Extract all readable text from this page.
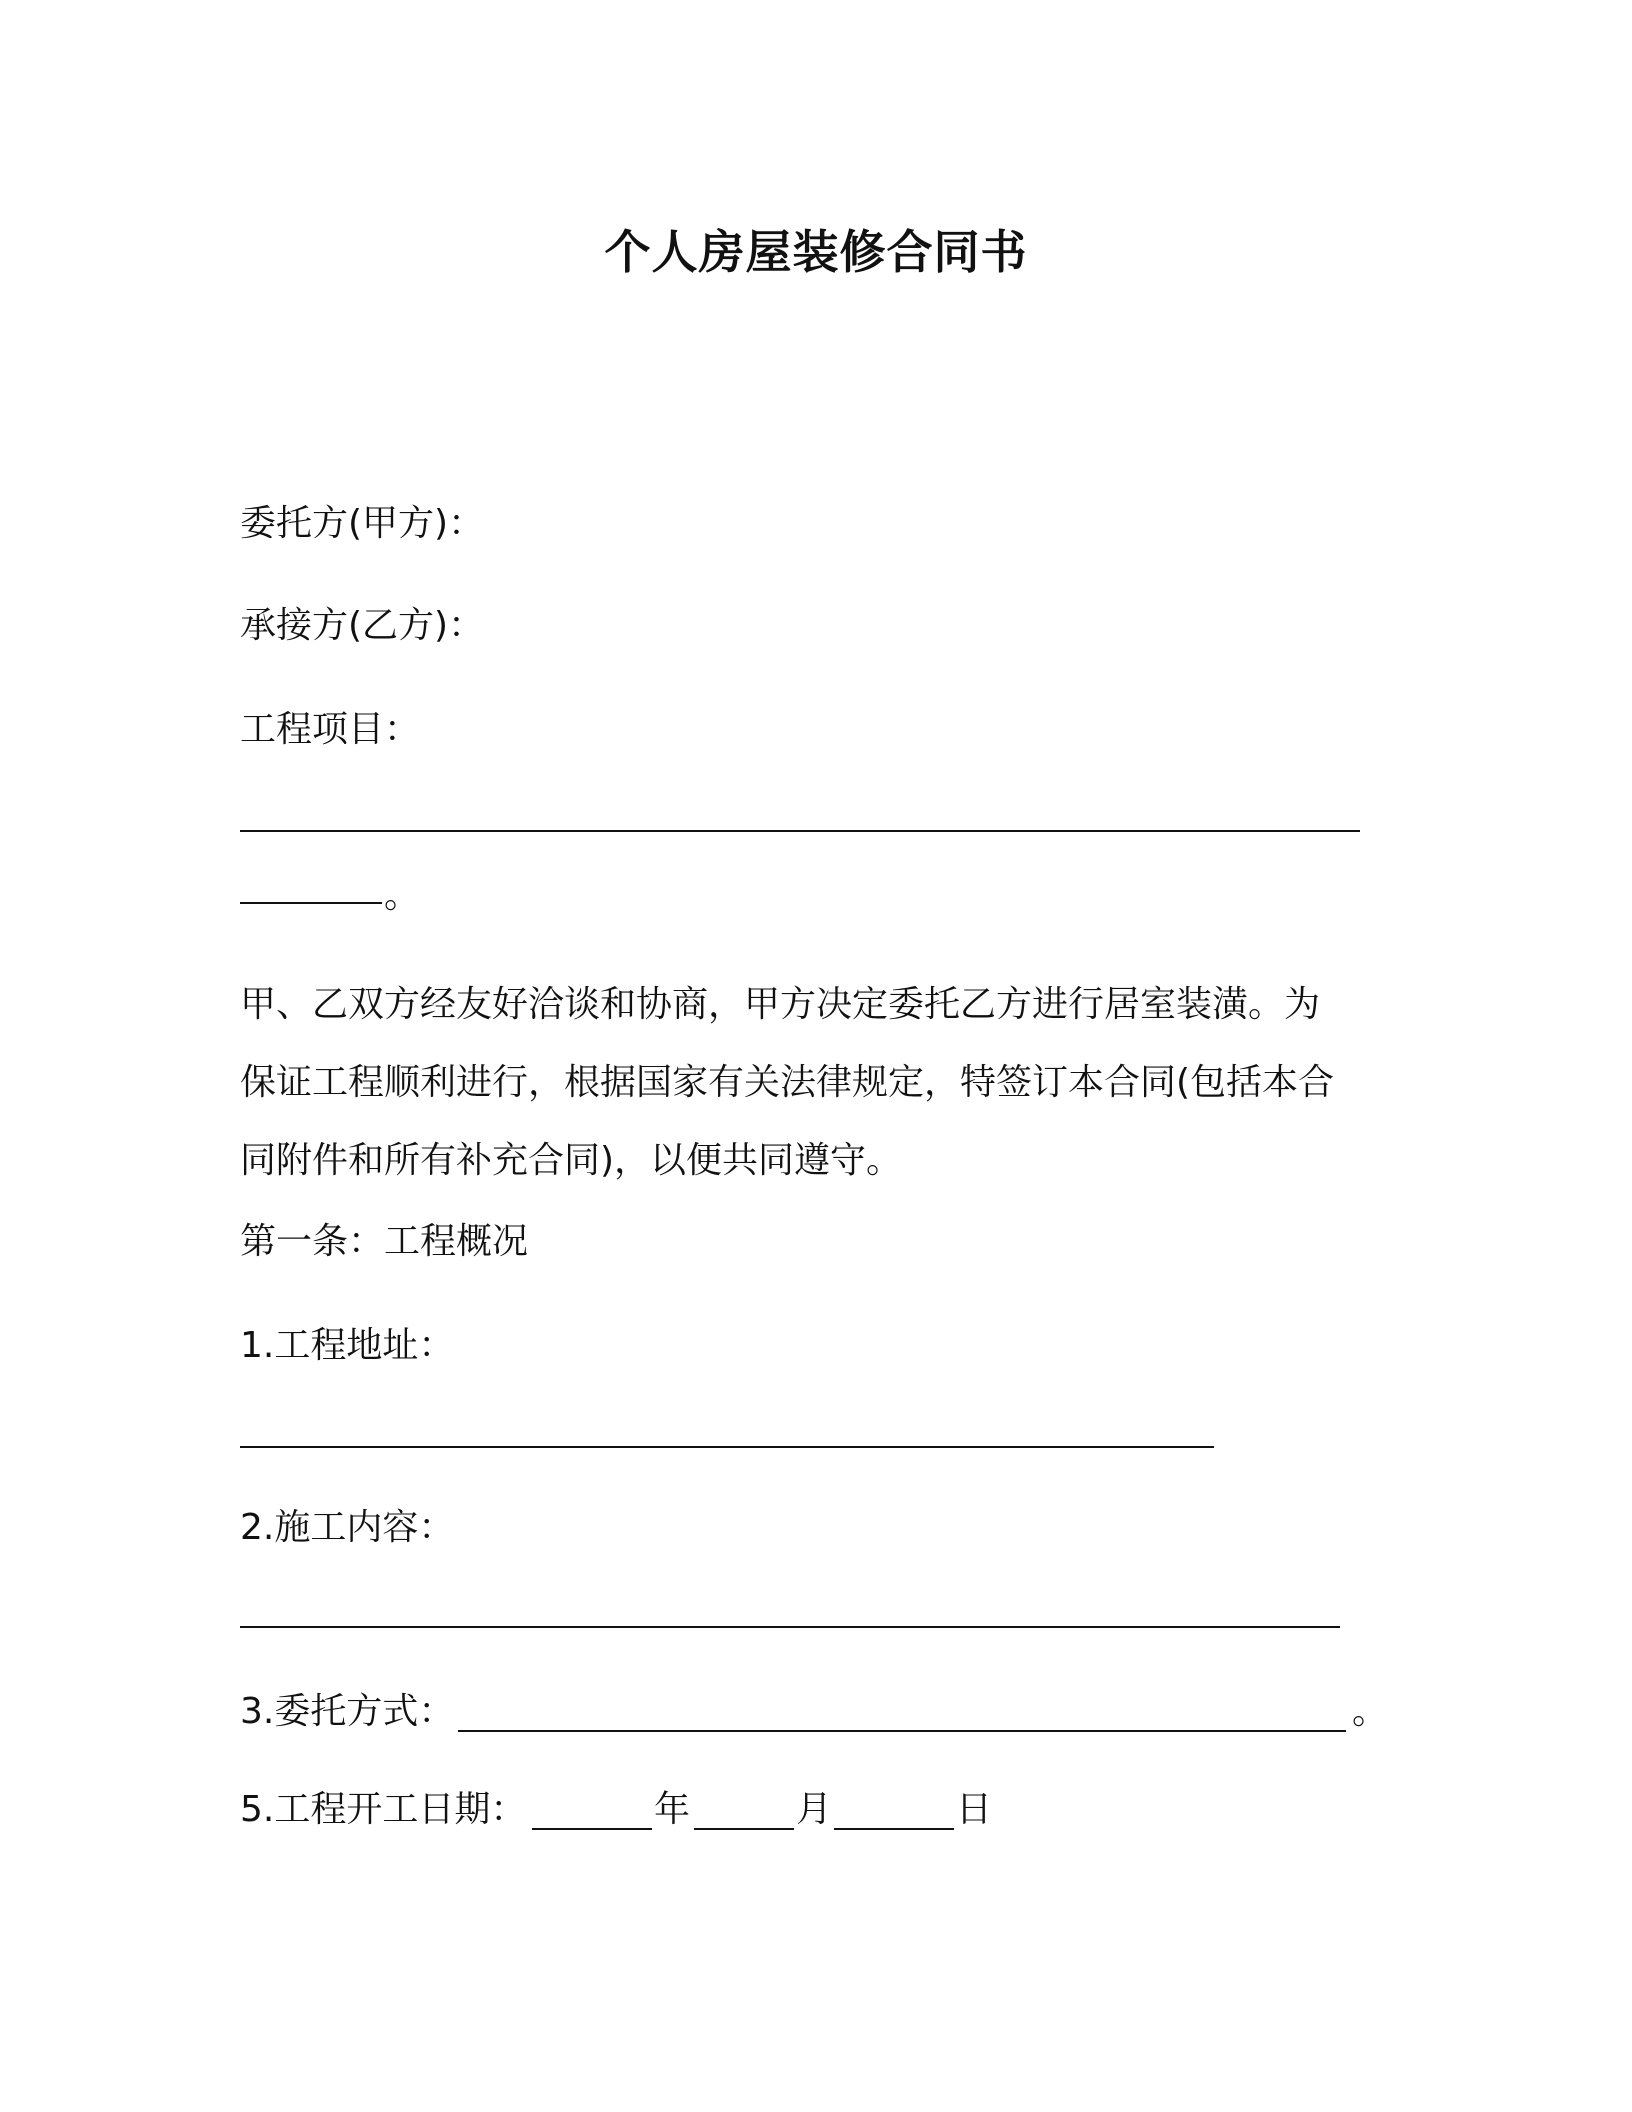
个人房屋装修合同书
委托方(甲方)：
承接方(乙方)：
工程项目：
。

甲、乙双方经友好洽谈和协商，甲方决定委托乙方进行居室装潢。为

保证工程顺利进行，根据国家有关法律规定，特签订本合同(包括本合

同附件和所有补充合同)，以便共同遵守。

第一条：工程概况
1.工程地址：
2.施工内容：
3.委托方式：	。
5.工程开工日期：	年	月	日
